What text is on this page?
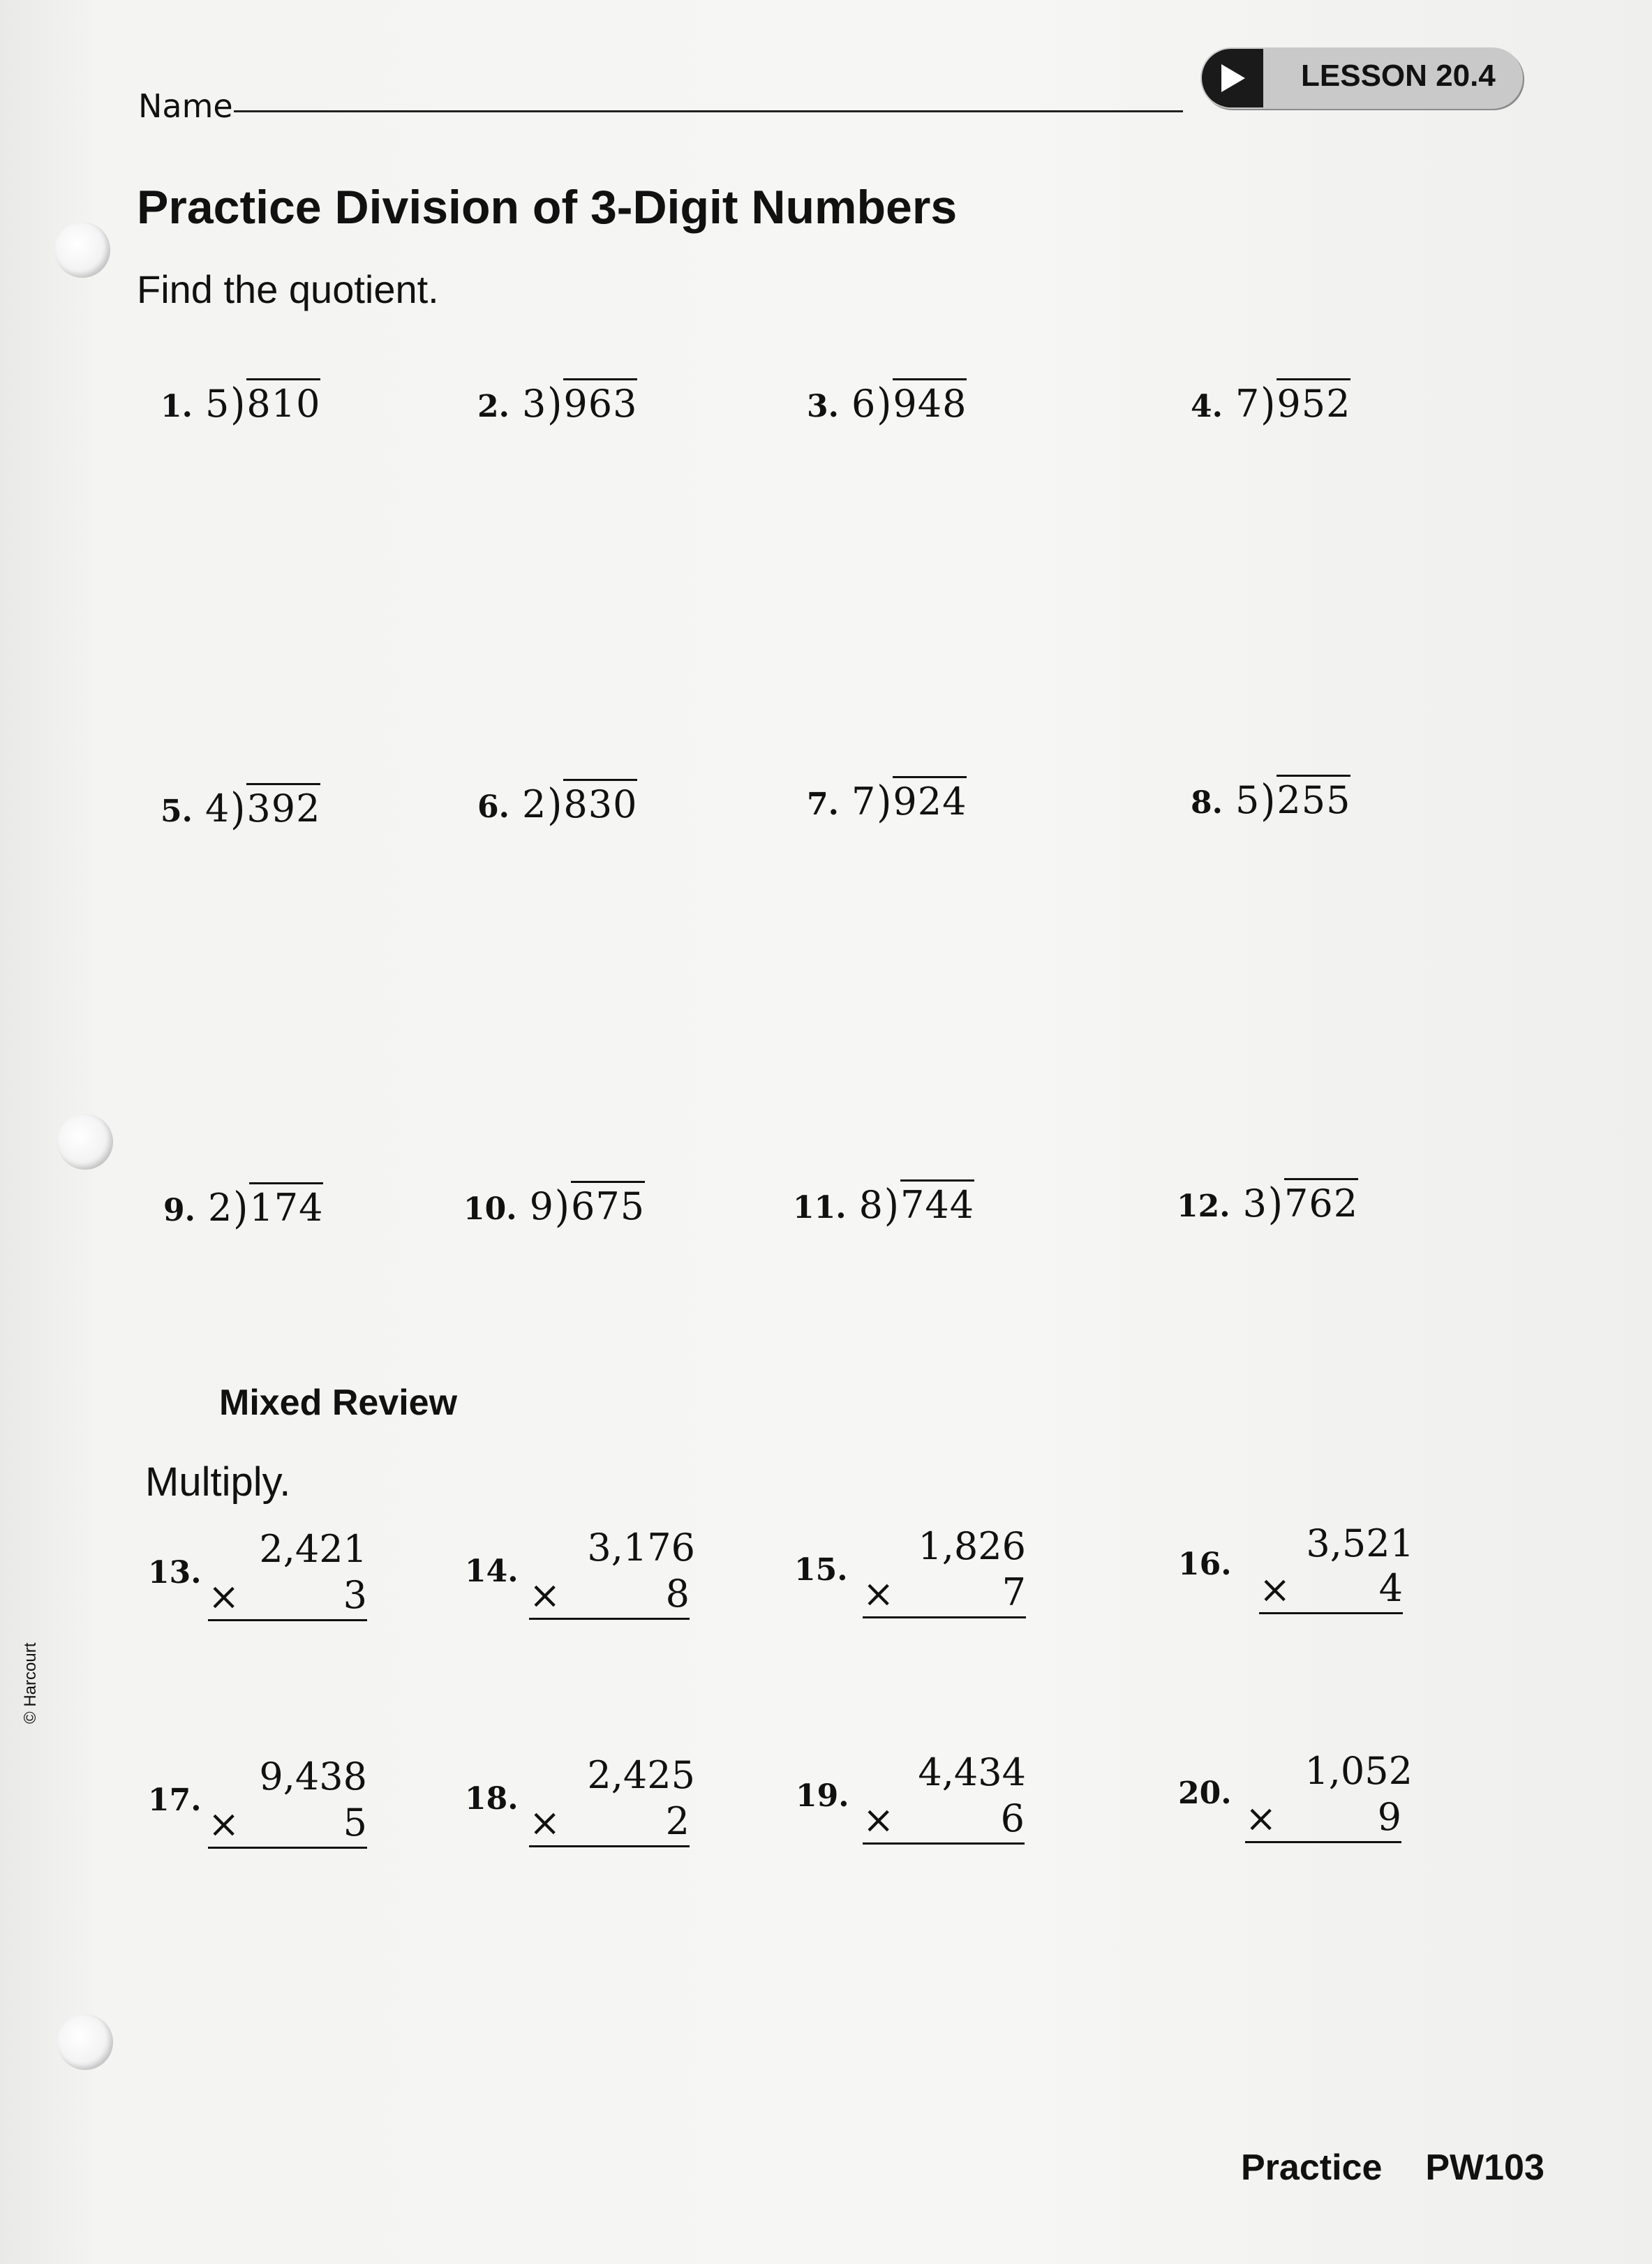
Name
LESSON 20.4
Practice Division of 3-Digit Numbers
Find the quotient.
1. 5)810	2. 3)963	3. 6)948	4. 7)952
5. 4)392	6. 2)830	7. 7)924	8. 5)255
9. 2)174	10. 9)675	11. 8)744	12. 3)762
Mixed Review
Multiply.
13.
2,421
×	3
14.
3,176
×	8
15.
1,826
×	7
16.	3,521
× 4
17.
9,438
×	5
18.
2,425
×	2
19.
4,434
×	6
20.
1,052
×	9
Practice PW103
© Harcourt
